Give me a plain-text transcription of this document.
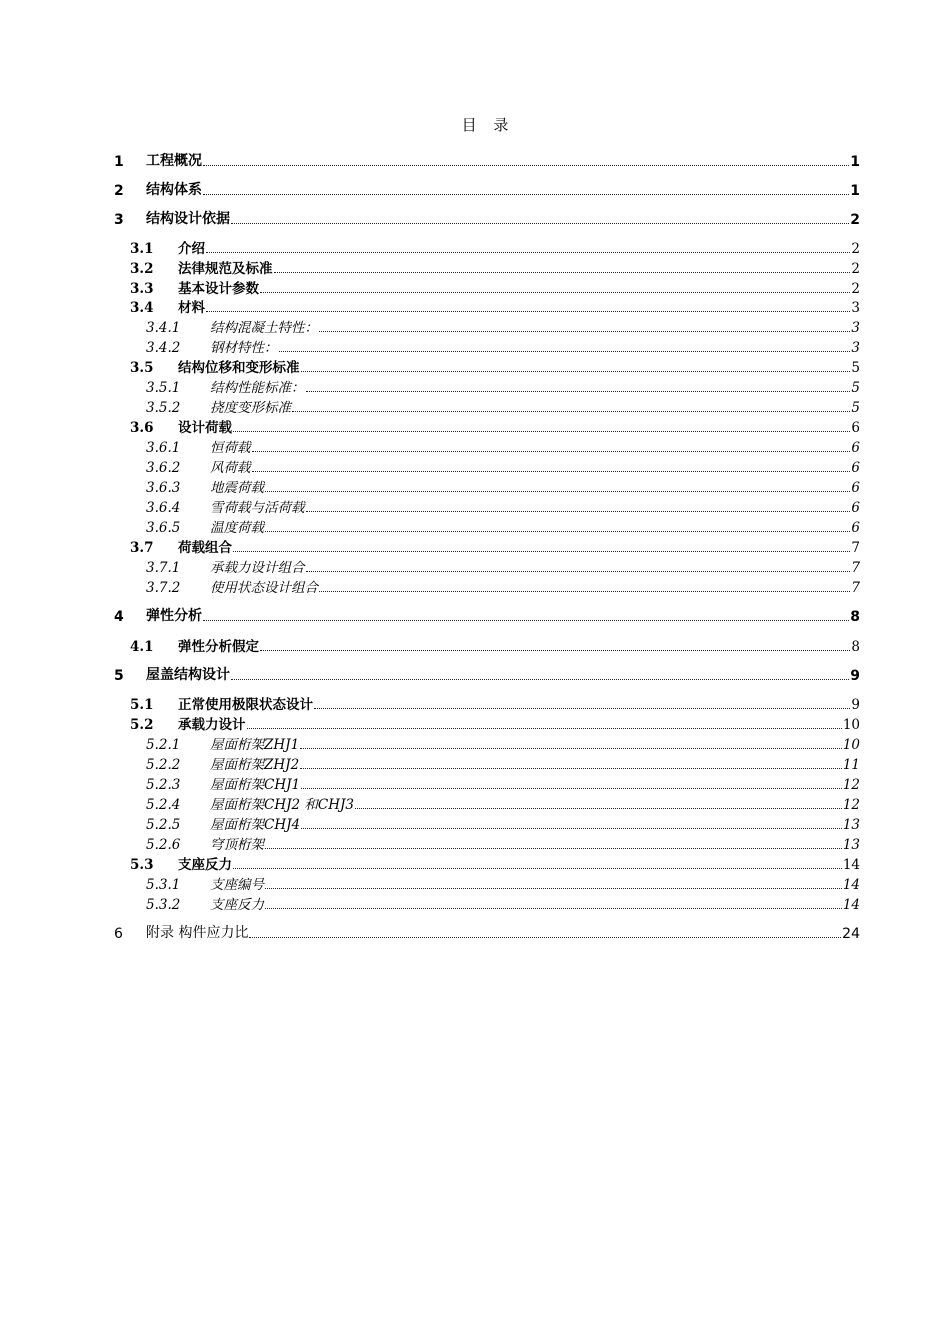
目 录
1	工程概况	1
2	结构体系	1
3	结构设计依据	2
3.1	介绍	2
3.2	法律规范及标准	2
3.3	基本设计参数	2
3.4	材料	3
3.4.1	结构混凝土特性：	3
3.4.2	钢材特性：	3
3.5	结构位移和变形标准	5
3.5.1	结构性能标准：	5
3.5.2	挠度变形标准	5
3.6	设计荷载	6
3.6.1	恒荷载	6
3.6.2	风荷载	6
3.6.3	地震荷载	6
3.6.4	雪荷载与活荷载	6
3.6.5	温度荷载	6
3.7	荷载组合	7
3.7.1	承载力设计组合	7
3.7.2	使用状态设计组合	7
4	弹性分析	8
4.1	弹性分析假定	8
5	屋盖结构设计	9
5.1	正常使用极限状态设计	9
5.2	承载力设计	10
5.2.1	屋面桁架ZHJ1	10
5.2.2	屋面桁架ZHJ2	11
5.2.3	屋面桁架CHJ1	12
5.2.4	屋面桁架CHJ2 和CHJ3	12
5.2.5	屋面桁架CHJ4	13
5.2.6	穹顶桁架	13
5.3	支座反力	14
5.3.1	支座编号	14
5.3.2	支座反力	14
6	附录 构件应力比	24
